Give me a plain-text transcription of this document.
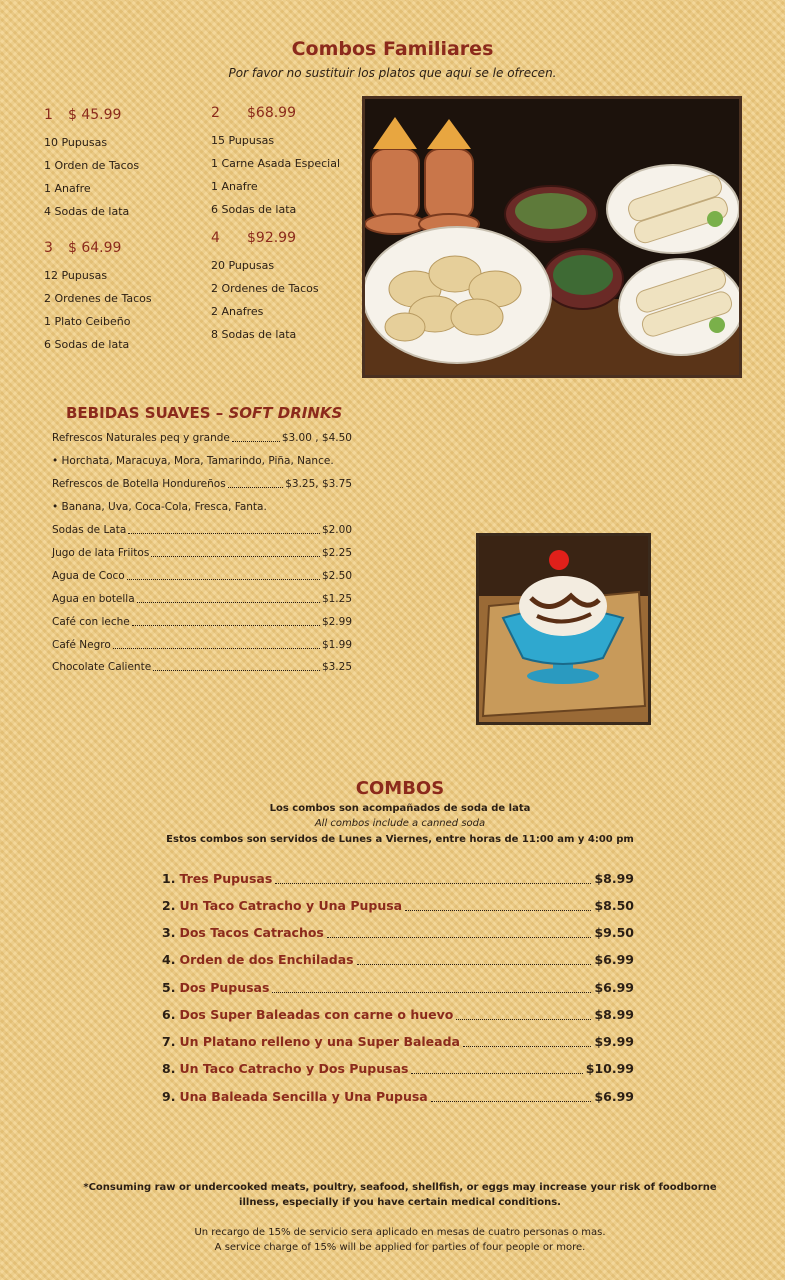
Combos Familiares
Por favor no sustituir los platos que aqui se le ofrecen.
1 $ 45.99
10 Pupusas
1 Orden de Tacos
1 Anafre
4 Sodas de lata
2 $68.99
15 Pupusas
1 Carne Asada Especial
1 Anafre
6 Sodas de lata
3 $ 64.99
12 Pupusas
2 Ordenes de Tacos
1 Plato Ceibeño
6 Sodas de lata
4 $92.99
20 Pupusas
2 Ordenes de Tacos
2 Anafres
8 Sodas de lata
BEBIDAS SUAVES – SOFT DRINKS
Refrescos Naturales peq y grande	$3.00 , $4.50
• Horchata, Maracuya, Mora, Tamarindo, Piña, Nance.
Refrescos de Botella Hondureños	$3.25, $3.75
• Banana, Uva, Coca-Cola, Fresca, Fanta.
Sodas de Lata	$2.00
Jugo de lata Friitos	$2.25
Agua de Coco	$2.50
Agua en botella	$1.25
Café con leche	$2.99
Café Negro	$1.99
Chocolate Caliente	$3.25
COMBOS
Los combos son acompañados de soda de lata
All combos include a canned soda
Estos combos son servidos de Lunes a Viernes, entre horas de 11:00 am y 4:00 pm
1. Tres Pupusas	$8.99
2. Un Taco Catracho y Una Pupusa	$8.50
3. Dos Tacos Catrachos	$9.50
4. Orden de dos Enchiladas	$6.99
5. Dos Pupusas	$6.99
6. Dos Super Baleadas con carne o huevo	$8.99
7. Un Platano relleno y una Super Baleada	$9.99
8. Un Taco Catracho y Dos Pupusas	$10.99
9. Una Baleada Sencilla y Una Pupusa	$6.99
*Consuming raw or undercooked meats, poultry, seafood, shellfish, or eggs may increase your risk of foodborne
illness, especially if you have certain medical conditions.
Un recargo de 15% de servicio sera aplicado en mesas de cuatro personas o mas.
A service charge of 15% will be applied for parties of four people or more.
